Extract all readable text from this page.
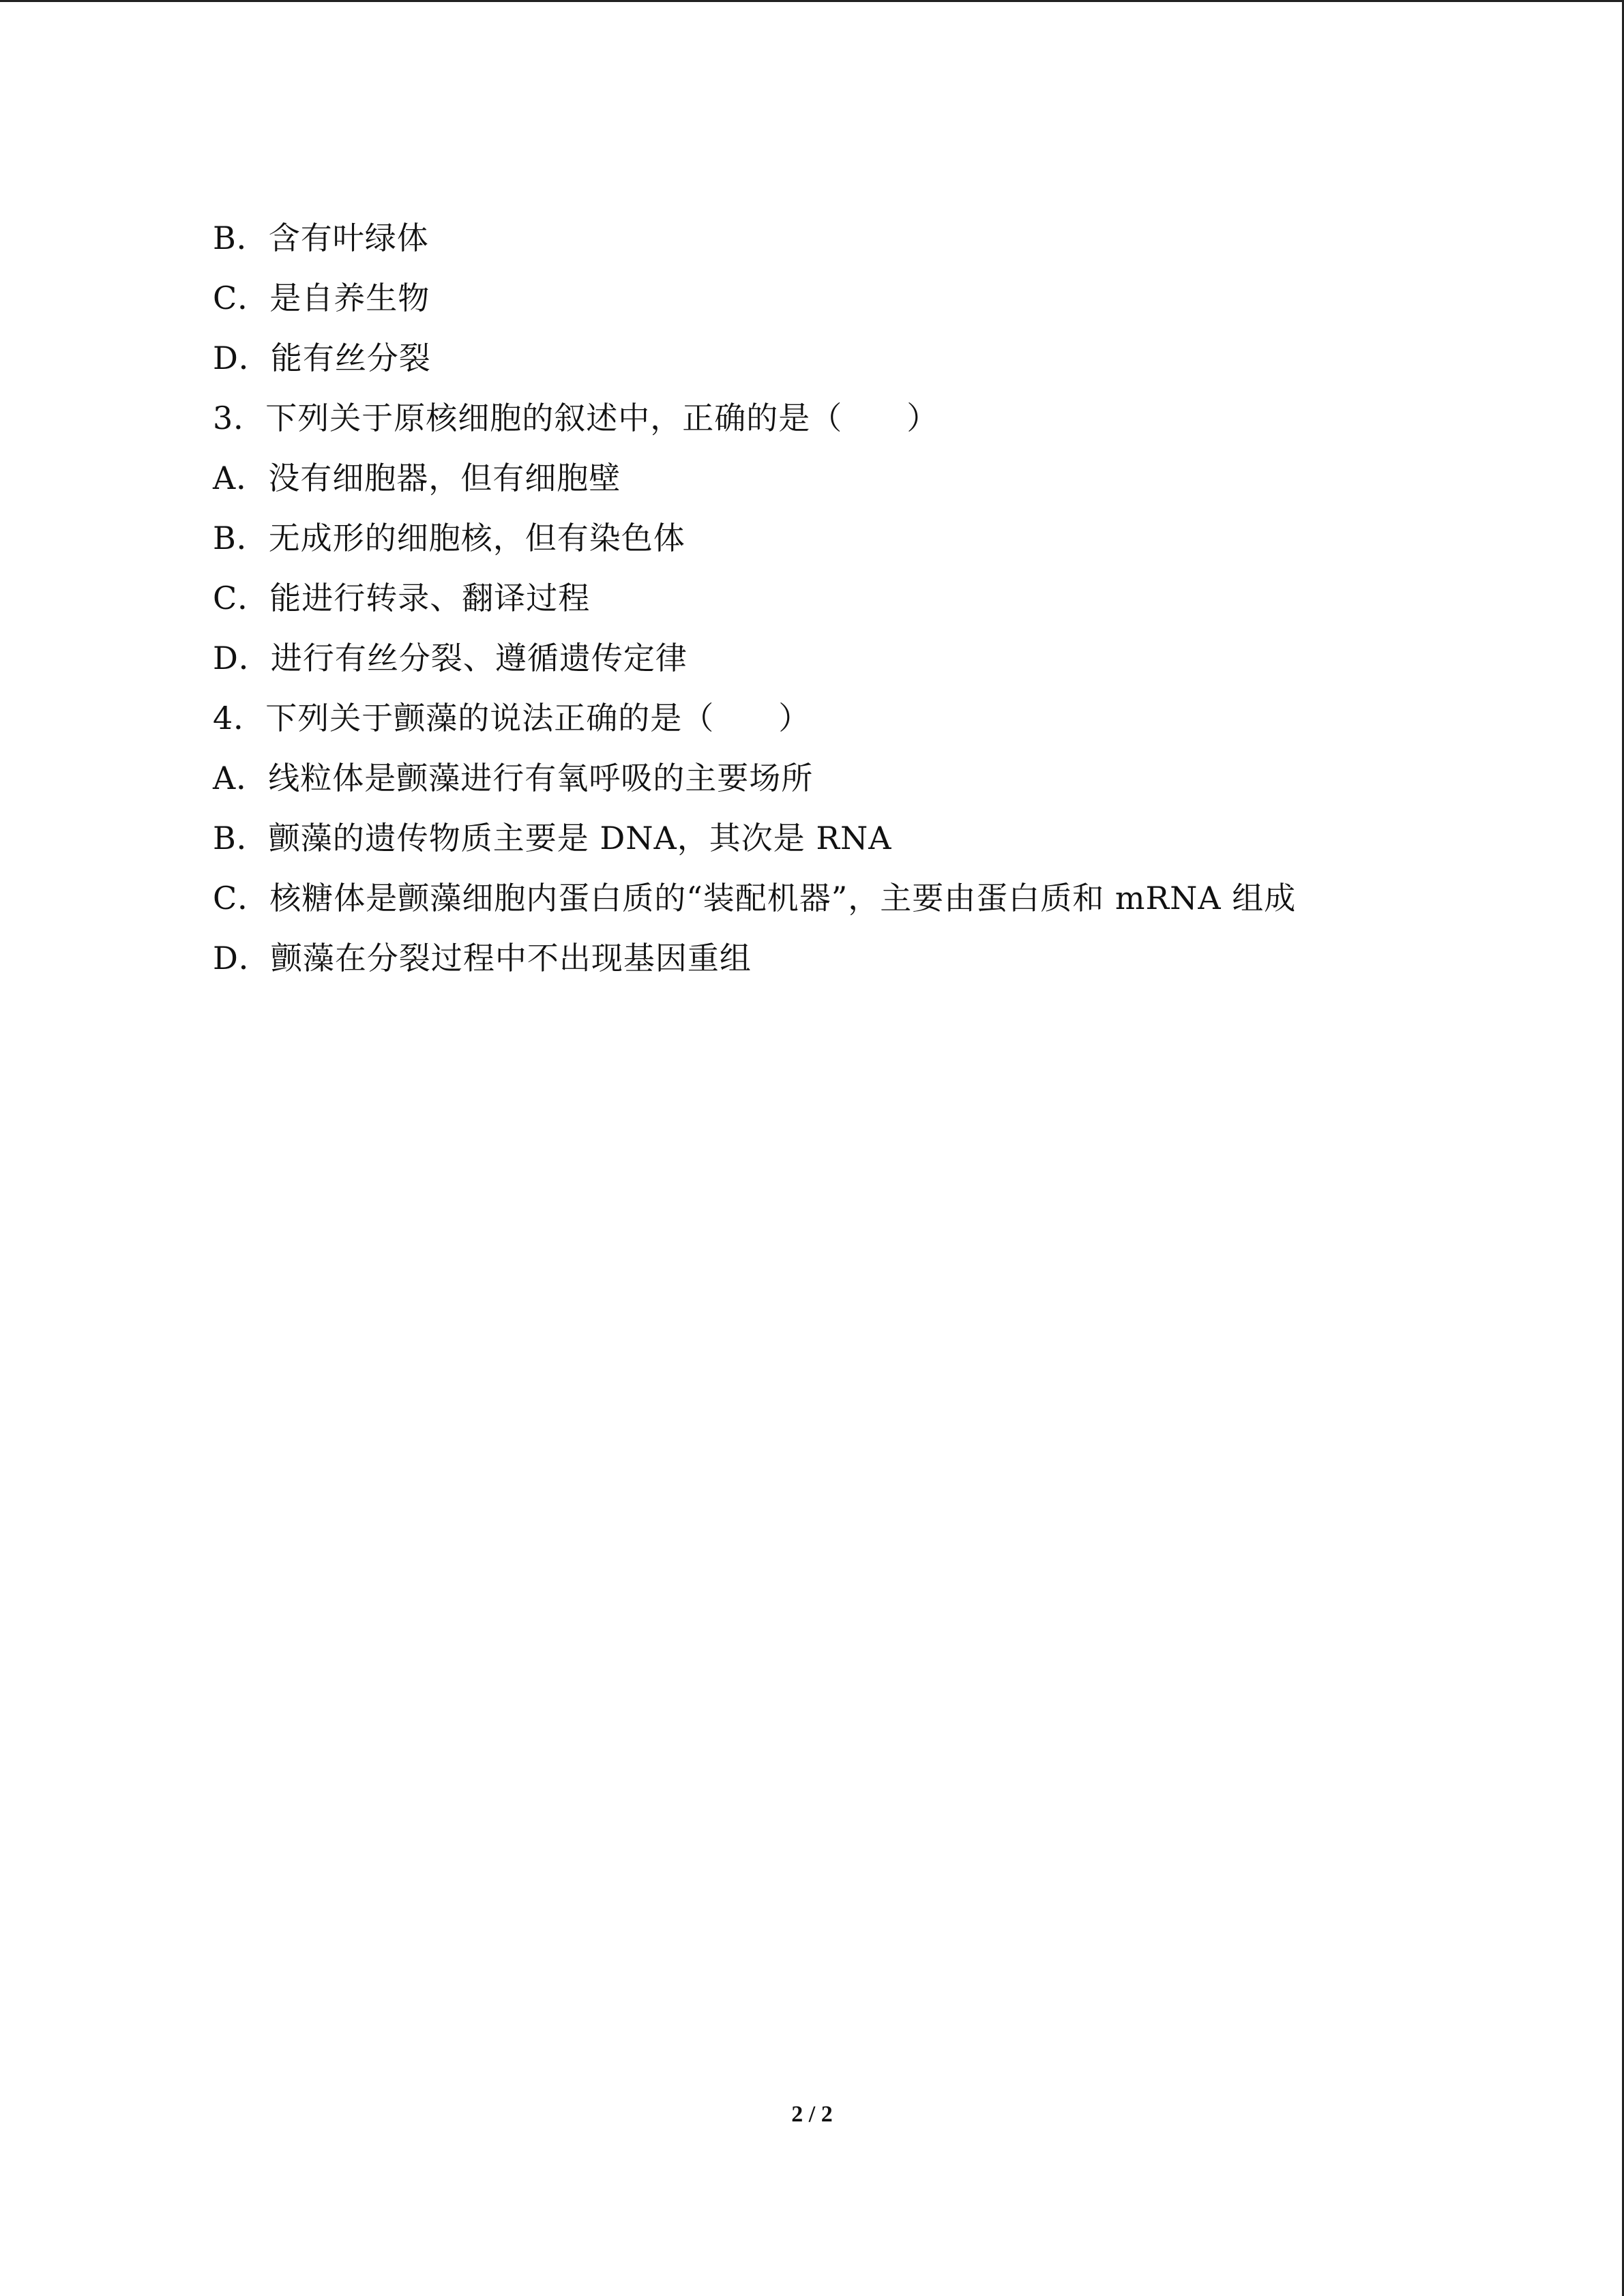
B．含有叶绿体
C．是自养生物
D．能有丝分裂
3．下列关于原核细胞的叙述中，正确的是（　　）
A．没有细胞器，但有细胞壁
B．无成形的细胞核，但有染色体
C．能进行转录、翻译过程
D．进行有丝分裂、遵循遗传定律
4．下列关于颤藻的说法正确的是（　　）
A．线粒体是颤藻进行有氧呼吸的主要场所
B．颤藻的遗传物质主要是 DNA，其次是 RNA
C．核糖体是颤藻细胞内蛋白质的“装配机器”，主要由蛋白质和 mRNA 组成
D．颤藻在分裂过程中不出现基因重组
2 / 2
